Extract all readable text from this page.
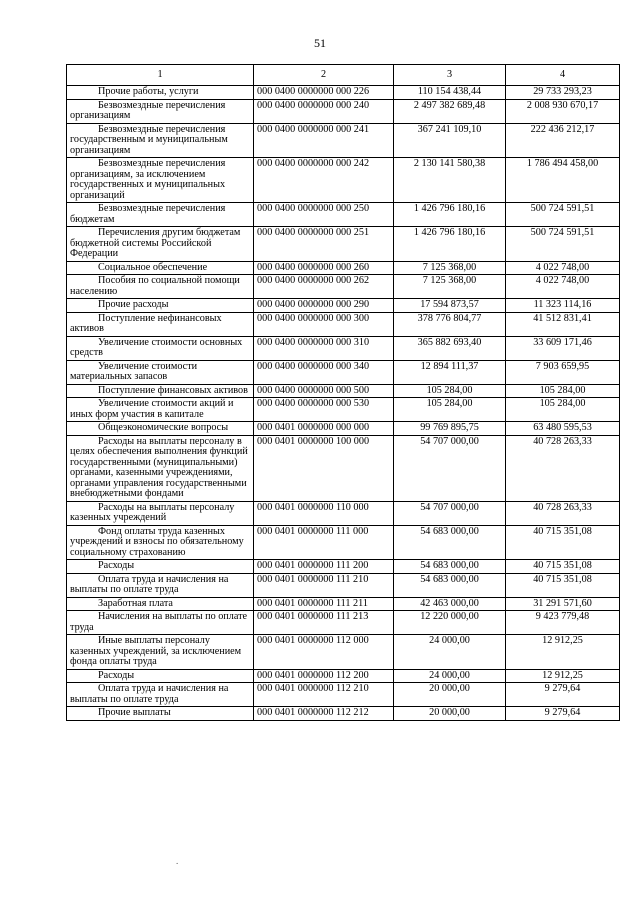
51
1	2	3	4
Прочие работы, услуги	000 0400 0000000 000 226	110 154 438,44	29 733 293,23
Безвозмездные перечисления организациям	000 0400 0000000 000 240	2 497 382 689,48	2 008 930 670,17
Безвозмездные перечисления государственным и муниципальным организациям	000 0400 0000000 000 241	367 241 109,10	222 436 212,17
Безвозмездные перечисления организациям, за исключением государственных и муниципальных организаций	000 0400 0000000 000 242	2 130 141 580,38	1 786 494 458,00
Безвозмездные перечисления бюджетам	000 0400 0000000 000 250	1 426 796 180,16	500 724 591,51
Перечисления другим бюджетам бюджетной системы Российской Федерации	000 0400 0000000 000 251	1 426 796 180,16	500 724 591,51
Социальное обеспечение	000 0400 0000000 000 260	7 125 368,00	4 022 748,00
Пособия по социальной помощи населению	000 0400 0000000 000 262	7 125 368,00	4 022 748,00
Прочие расходы	000 0400 0000000 000 290	17 594 873,57	11 323 114,16
Поступление нефинансовых активов	000 0400 0000000 000 300	378 776 804,77	41 512 831,41
Увеличение стоимости основных средств	000 0400 0000000 000 310	365 882 693,40	33 609 171,46
Увеличение стоимости материальных запасов	000 0400 0000000 000 340	12 894 111,37	7 903 659,95
Поступление финансовых активов	000 0400 0000000 000 500	105 284,00	105 284,00
Увеличение стоимости акций и иных форм участия в капитале	000 0400 0000000 000 530	105 284,00	105 284,00
Общеэкономические вопросы	000 0401 0000000 000 000	99 769 895,75	63 480 595,53
Расходы на выплаты персоналу в целях обеспечения выполнения функций государственными (муниципальными) органами, казенными учреждениями, органами управления государственными внебюджетными фондами	000 0401 0000000 100 000	54 707 000,00	40 728 263,33
Расходы на выплаты персоналу казенных учреждений	000 0401 0000000 110 000	54 707 000,00	40 728 263,33
Фонд оплаты труда казенных учреждений и взносы по обязательному социальному страхованию	000 0401 0000000 111 000	54 683 000,00	40 715 351,08
Расходы	000 0401 0000000 111 200	54 683 000,00	40 715 351,08
Оплата труда и начисления на выплаты по оплате труда	000 0401 0000000 111 210	54 683 000,00	40 715 351,08
Заработная плата	000 0401 0000000 111 211	42 463 000,00	31 291 571,60
Начисления на выплаты по оплате труда	000 0401 0000000 111 213	12 220 000,00	9 423 779,48
Иные выплаты персоналу казенных учреждений, за исключением фонда оплаты труда	000 0401 0000000 112 000	24 000,00	12 912,25
Расходы	000 0401 0000000 112 200	24 000,00	12 912,25
Оплата труда и начисления на выплаты по оплате труда	000 0401 0000000 112 210	20 000,00	9 279,64
Прочие выплаты	000 0401 0000000 112 212	20 000,00	9 279,64
.
